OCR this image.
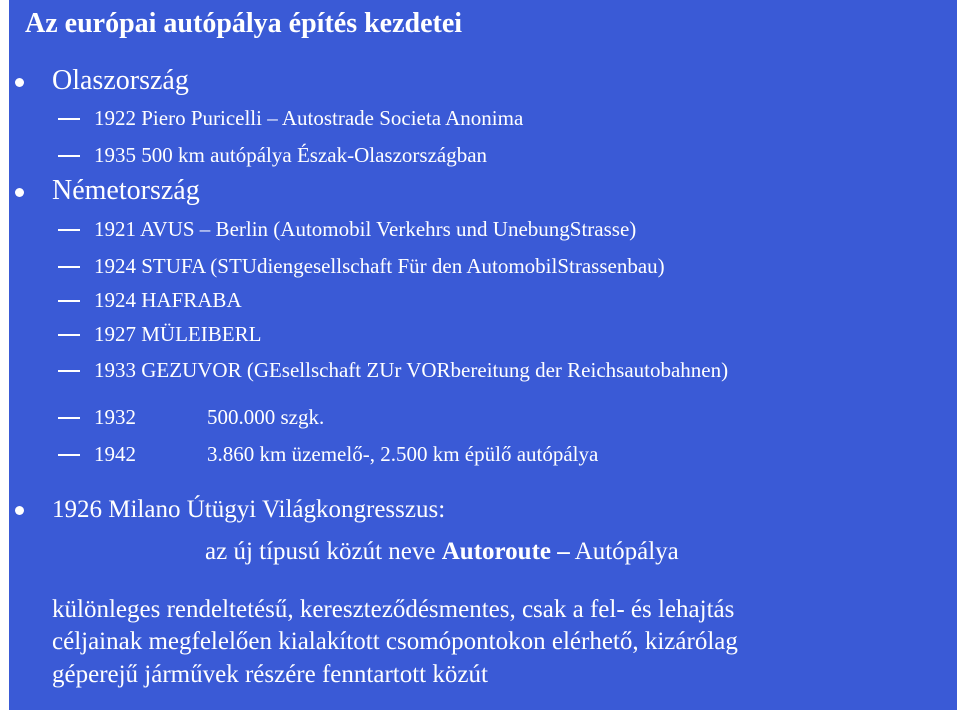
Az európai autópálya építés kezdetei
Olaszország
1922 Piero Puricelli – Autostrade Societa Anonima
1935 500 km autópálya Észak-Olaszországban
Németország
1921 AVUS – Berlin (Automobil Verkehrs und UnebungStrasse)
1924 STUFA (STUdiengesellschaft Für den AutomobilStrassenbau)
1924 HAFRABA
1927 MÜLEIBERL
1933 GEZUVOR (GEsellschaft ZUr VORbereitung der Reichsautobahnen)
1932	500.000 szgk.
1942	3.860 km üzemelő-, 2.500 km épülő autópálya
1926 Milano Útügyi Világkongresszus:
az új típusú közút neve Autoroute – Autópálya
különleges rendeltetésű, kereszteződésmentes, csak a fel- és lehajtás
céljainak megfelelően kialakított csomópontokon elérhető, kizárólag
géperejű járművek részére fenntartott közút
